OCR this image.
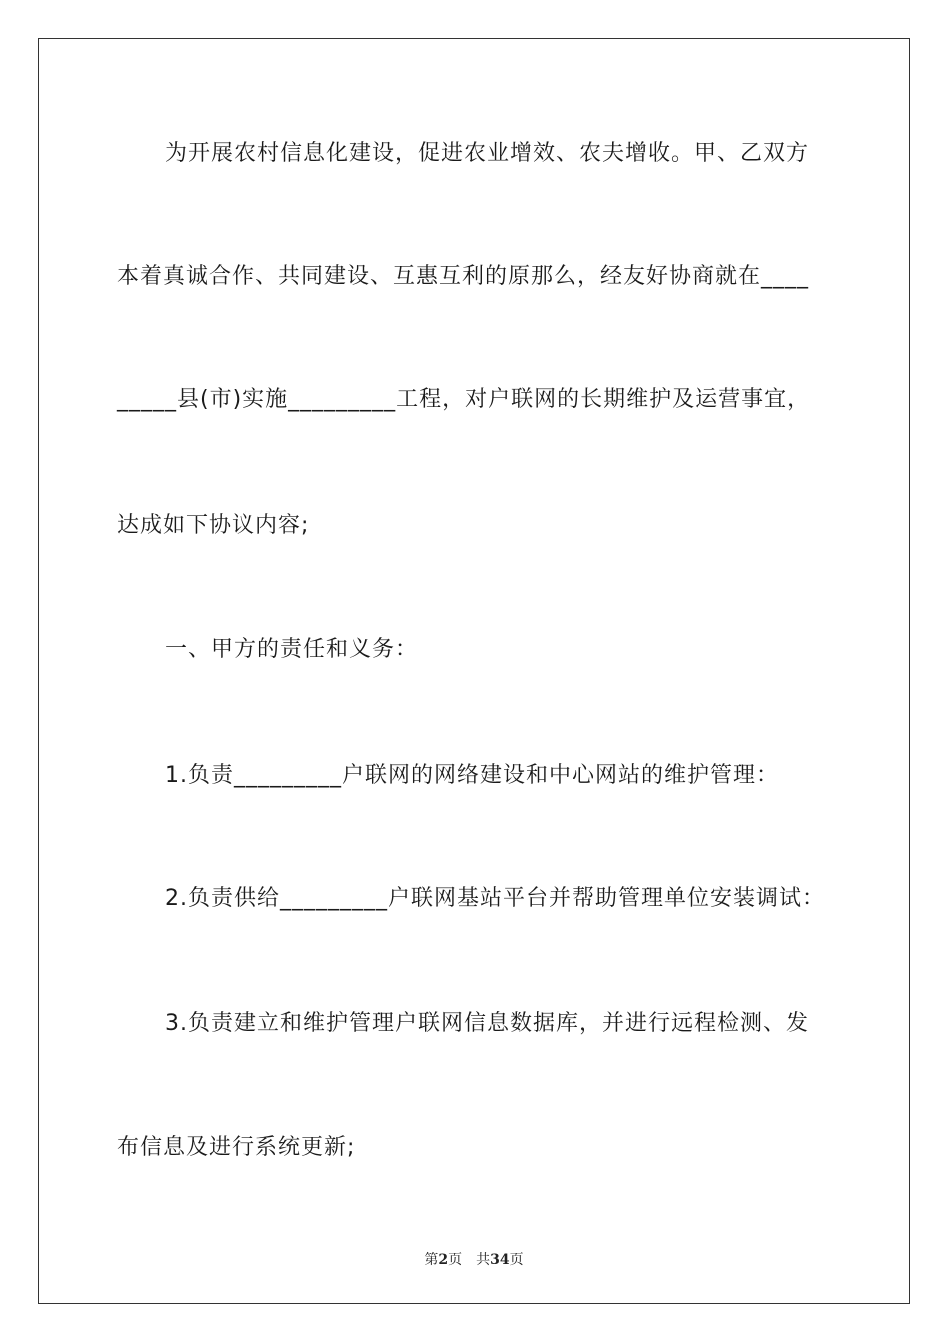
为开展农村信息化建设，促进农业增效、农夫增收。甲、乙双方

本着真诚合作、共同建设、互惠互利的原那么，经友好协商就在____

_____县(市)实施_________工程，对户联网的长期维护及运营事宜，

达成如下协议内容;

一、甲方的责任和义务：

1.负责_________户联网的网络建设和中心网站的维护管理：

2.负责供给_________户联网基站平台并帮助管理单位安装调试：

3.负责建立和维护管理户联网信息数据库，并进行远程检测、发

布信息及进行系统更新;

第2页 共34页
